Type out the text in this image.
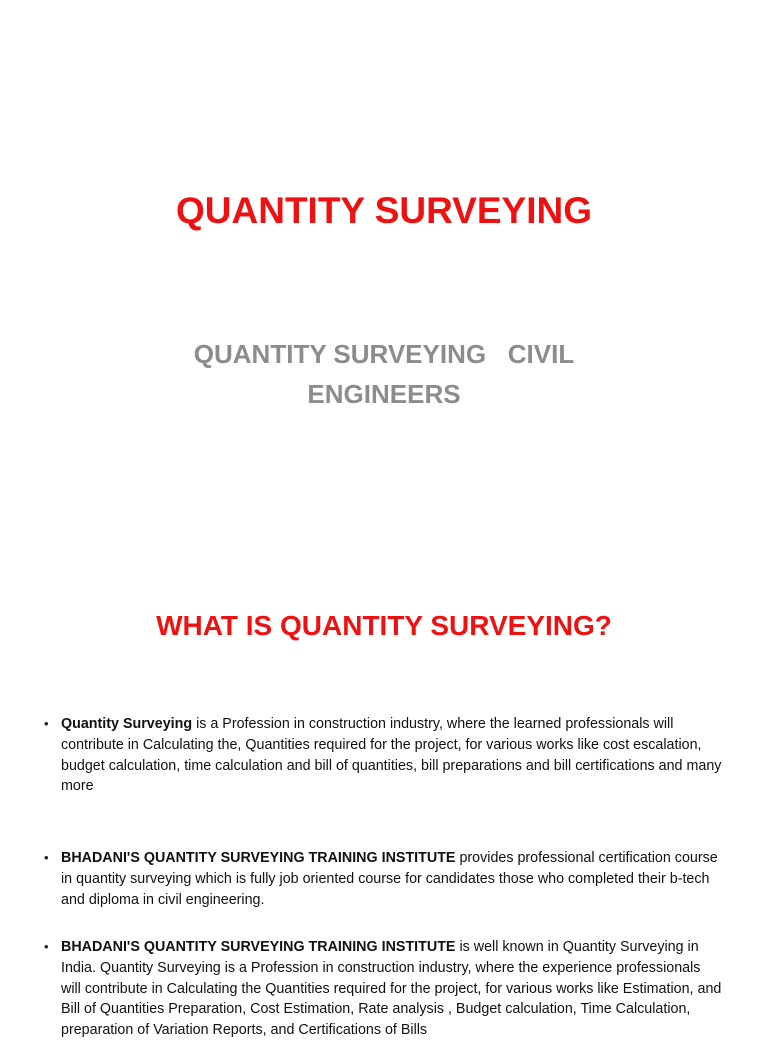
QUANTITY SURVEYING
QUANTITY SURVEYING   CIVIL ENGINEERS
WHAT IS QUANTITY SURVEYING?
• Quantity Surveying is a Profession in construction industry, where the learned professionals will contribute in Calculating the, Quantities required for the project, for various works like cost escalation, budget calculation, time calculation and bill of quantities, bill preparations and bill certifications and many more
• BHADANI'S QUANTITY SURVEYING TRAINING INSTITUTE provides professional certification course in quantity surveying which is fully job oriented course for candidates those who completed their b-tech and diploma in civil engineering.
• BHADANI'S QUANTITY SURVEYING TRAINING INSTITUTE is well known in Quantity Surveying in India. Quantity Surveying is a Profession in construction industry, where the experience professionals will contribute in Calculating the Quantities required for the project, for various works like Estimation, and Bill of Quantities Preparation, Cost Estimation, Rate analysis , Budget calculation, Time Calculation, preparation of Variation Reports, and Certifications of Bills
